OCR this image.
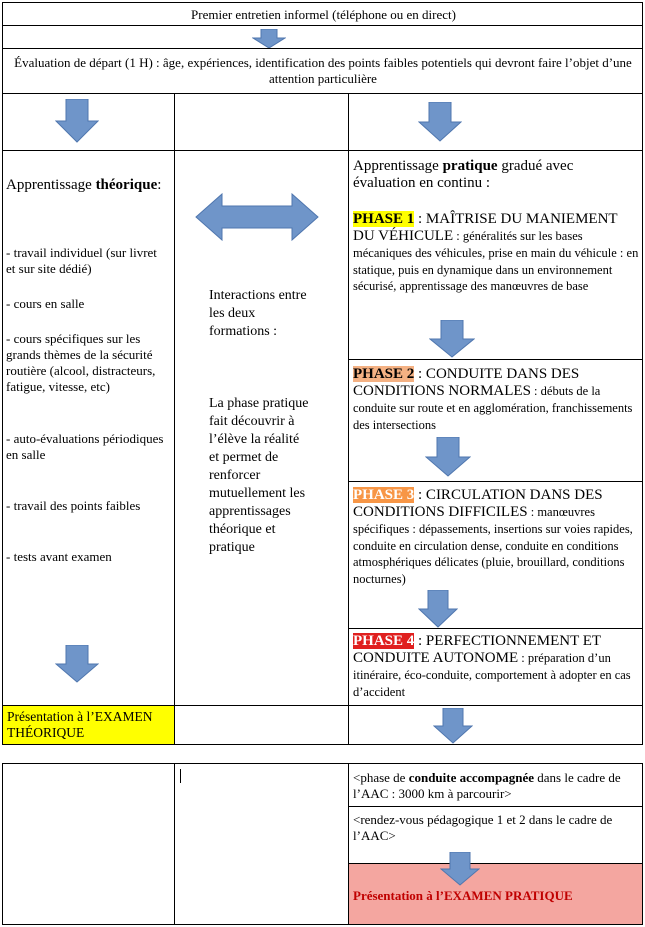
Premier entretien informel (téléphone ou en direct)
Évaluation de départ (1 H) : âge, expériences, identification des points faibles potentiels qui devront faire l’objet d’une attention particulière
Apprentissage théorique:
- travail individuel (sur livret et sur site dédié)
- cours en salle
- cours spécifiques sur les grands thèmes de la sécurité routière (alcool, distracteurs, fatigue, vitesse, etc)
- auto-évaluations périodiques en salle
- travail des points faibles
- tests avant examen
Interactions entre les deux formations :
La phase pratique fait découvrir à l’élève la réalité et permet de renforcer mutuellement les apprentissages théorique et pratique
Apprentissage pratique gradué avec évaluation en continu :
PHASE 1 : MAÎTRISE DU MANIEMENT DU VÉHICULE : généralités sur les bases mécaniques des véhicules, prise en main du véhicule : en statique, puis en dynamique dans un environnement sécurisé, apprentissage des manœuvres de base
PHASE 2 : CONDUITE DANS DES CONDITIONS NORMALES : débuts de la conduite sur route et en agglomération, franchissements des intersections
PHASE 3 : CIRCULATION DANS DES CONDITIONS DIFFICILES : manœuvres spécifiques : dépassements, insertions sur voies rapides, conduite en circulation dense, conduite en conditions atmosphériques délicates (pluie, brouillard, conditions nocturnes)
PHASE 4 : PERFECTIONNEMENT ET CONDUITE AUTONOME : préparation d’un itinéraire, éco-conduite, comportement à adopter en cas d’accident
Présentation à l’EXAMEN THÉORIQUE
<phase de conduite accompagnée dans le cadre de l’AAC : 3000 km à parcourir>
<rendez-vous pédagogique 1 et 2 dans le cadre de l’AAC>
Présentation à l’EXAMEN PRATIQUE
